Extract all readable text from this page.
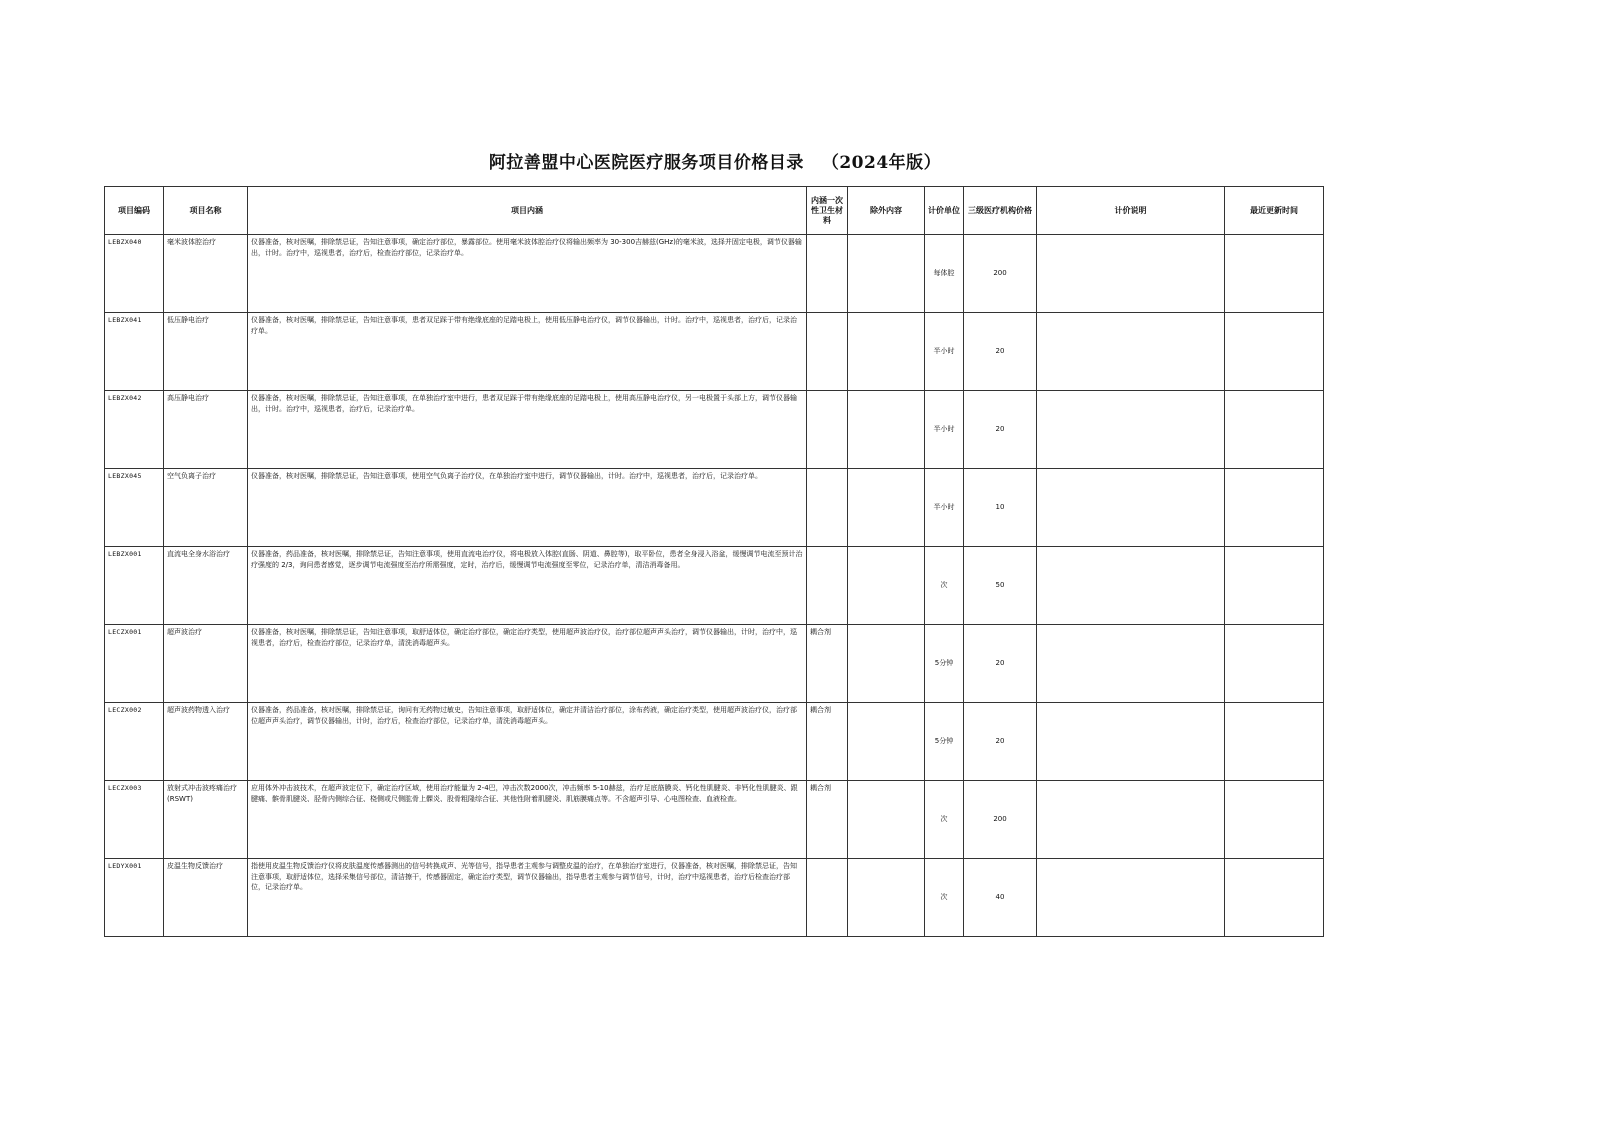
阿拉善盟中心医院医疗服务项目价格目录 （2024年版）
项目编码	项目名称	项目内涵	内涵一次性卫生材料	除外内容	计价单位	三级医疗机构价格	计价说明	最近更新时间
LEBZX040	毫米波体腔治疗	仪器准备，核对医嘱，排除禁忌证，告知注意事项，确定治疗部位，暴露部位。使用毫米波体腔治疗仪将输出频率为 30-300吉赫兹(GHz)的毫米波，选择并固定电极，调节仪器输出，计时。治疗中，巡视患者，治疗后，检查治疗部位，记录治疗单。			每体腔	200		
LEBZX041	低压静电治疗	仪器准备，核对医嘱，排除禁忌证，告知注意事项，患者双足踩于带有绝缘底座的足踏电极上，使用低压静电治疗仪，调节仪器输出，计时。治疗中，巡视患者，治疗后，记录治疗单。			半小时	20		
LEBZX042	高压静电治疗	仪器准备，核对医嘱，排除禁忌证，告知注意事项，在单独治疗室中进行，患者双足踩于带有绝缘底座的足踏电极上，使用高压静电治疗仪，另一电极置于头部上方，调节仪器输出，计时。治疗中，巡视患者，治疗后，记录治疗单。			半小时	20		
LEBZX045	空气负离子治疗	仪器准备，核对医嘱，排除禁忌证，告知注意事项，使用空气负离子治疗仪，在单独治疗室中进行，调节仪器输出，计时。治疗中，巡视患者，治疗后，记录治疗单。			半小时	10		
LEBZX001	直流电全身水浴治疗	仪器准备，药品准备，核对医嘱，排除禁忌证，告知注意事项，使用直流电治疗仪，将电极放入体腔(直肠、阴道、鼻腔等)，取平卧位，患者全身浸入浴盆，缓慢调节电流至预计治疗强度的 2/3，询问患者感觉，逐步调节电流强度至治疗所需强度，定时，治疗后，缓慢调节电流强度至零位，记录治疗单，清洁消毒备用。			次	50		
LECZX001	超声波治疗	仪器准备，核对医嘱，排除禁忌证，告知注意事项，取舒适体位，确定治疗部位，确定治疗类型，使用超声波治疗仪，治疗部位超声声头治疗，调节仪器输出，计时，治疗中，巡视患者，治疗后，检查治疗部位，记录治疗单，清洗消毒超声头。	耦合剂		5分钟	20		
LECZX002	超声波药物透入治疗	仪器准备，药品准备，核对医嘱，排除禁忌证，询问有无药物过敏史，告知注意事项，取舒适体位，确定并清洁治疗部位，涂布药液，确定治疗类型，使用超声波治疗仪，治疗部位超声声头治疗，调节仪器输出，计时，治疗后，检查治疗部位，记录治疗单，清洗消毒超声头。	耦合剂		5分钟	20		
LECZX003	放射式冲击波疼痛治疗(RSWT)	应用体外冲击波技术，在超声波定位下，确定治疗区域，使用治疗能量为 2-4巴，冲击次数2000次，冲击频率 5-10赫兹，治疗足底筋膜炎、钙化性肌腱炎、非钙化性肌腱炎、跟腱痛、髌骨肌腱炎、胫骨内侧综合征、桡侧或尺侧肱骨上髁炎、股骨粗隆综合征、其他性附着肌腱炎、肌筋膜痛点等。不含超声引导、心电图检查、血液检查。	耦合剂		次	200		
LEDYX001	皮温生物反馈治疗	指使用皮温生物反馈治疗仪将皮肤温度传感器测出的信号转换成声、光等信号，指导患者主观参与调整皮温的治疗，在单独治疗室进行，仪器准备，核对医嘱，排除禁忌证，告知注意事项，取舒适体位，选择采集信号部位，清洁擦干，传感器固定，确定治疗类型，调节仪器输出，指导患者主观参与调节信号，计时，治疗中巡视患者，治疗后检查治疗部位，记录治疗单。			次	40		
